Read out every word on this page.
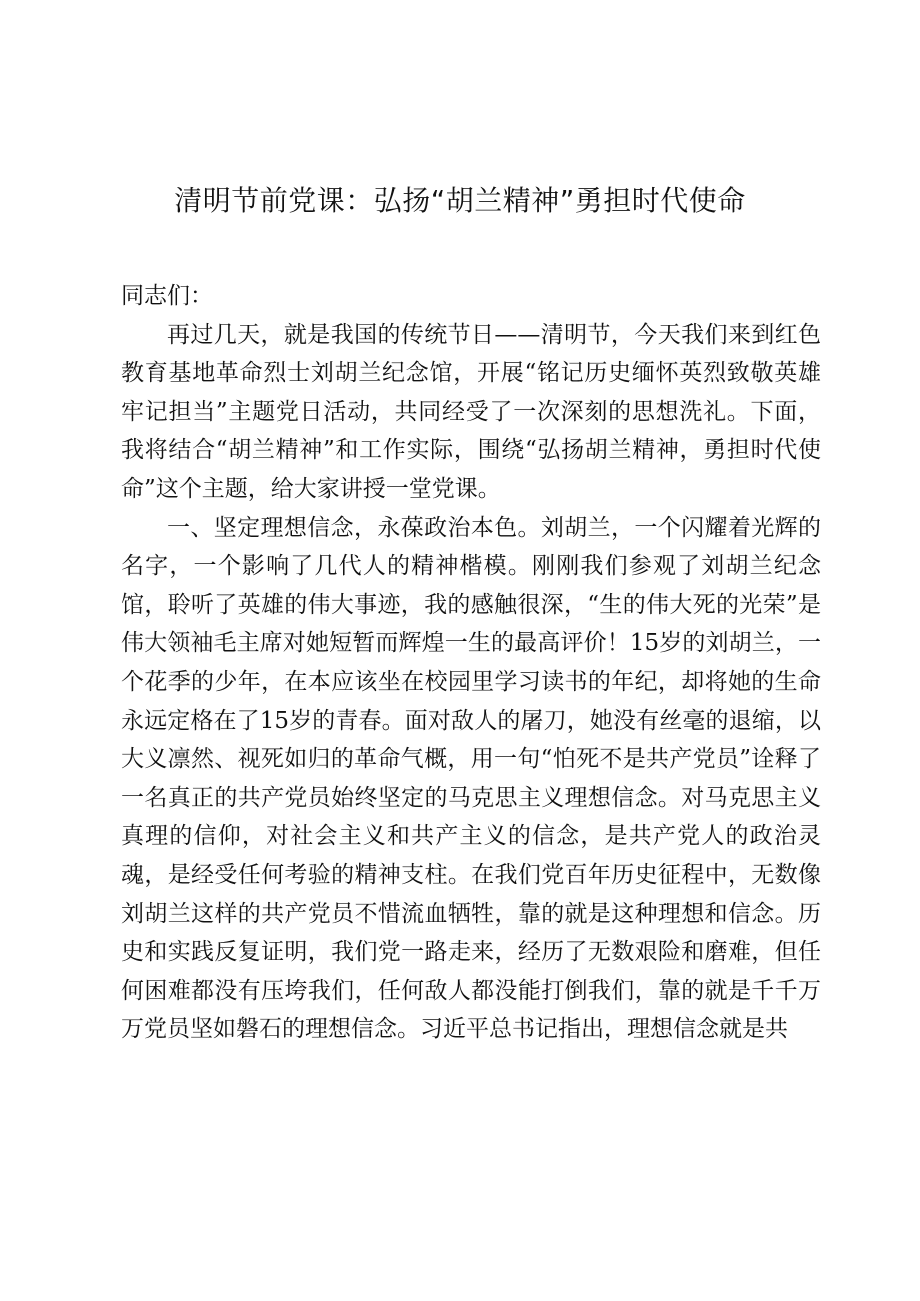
清明节前党课：弘扬“胡兰精神”勇担时代使命

同志们：

再过几天，就是我国的传统节日——清明节，今天我们来到红色教育基地革命烈士刘胡兰纪念馆，开展“铭记历史缅怀英烈致敬英雄牢记担当”主题党日活动，共同经受了一次深刻的思想洗礼。下面，我将结合“胡兰精神”和工作实际，围绕“弘扬胡兰精神，勇担时代使命”这个主题，给大家讲授一堂党课。

一、坚定理想信念，永葆政治本色。刘胡兰，一个闪耀着光辉的名字，一个影响了几代人的精神楷模。刚刚我们参观了刘胡兰纪念馆，聆听了英雄的伟大事迹，我的感触很深，“生的伟大死的光荣”是伟大领袖毛主席对她短暂而辉煌一生的最高评价！15岁的刘胡兰，一个花季的少年，在本应该坐在校园里学习读书的年纪，却将她的生命永远定格在了15岁的青春。面对敌人的屠刀，她没有丝毫的退缩，以大义凛然、视死如归的革命气概，用一句“怕死不是共产党员”诠释了一名真正的共产党员始终坚定的马克思主义理想信念。对马克思主义真理的信仰，对社会主义和共产主义的信念，是共产党人的政治灵魂，是经受任何考验的精神支柱。在我们党百年历史征程中，无数像刘胡兰这样的共产党员不惜流血牺牲，靠的就是这种理想和信念。历史和实践反复证明，我们党一路走来，经历了无数艰险和磨难，但任何困难都没有压垮我们，任何敌人都没能打倒我们，靠的就是千千万万党员坚如磐石的理想信念。习近平总书记指出，理想信念就是共
